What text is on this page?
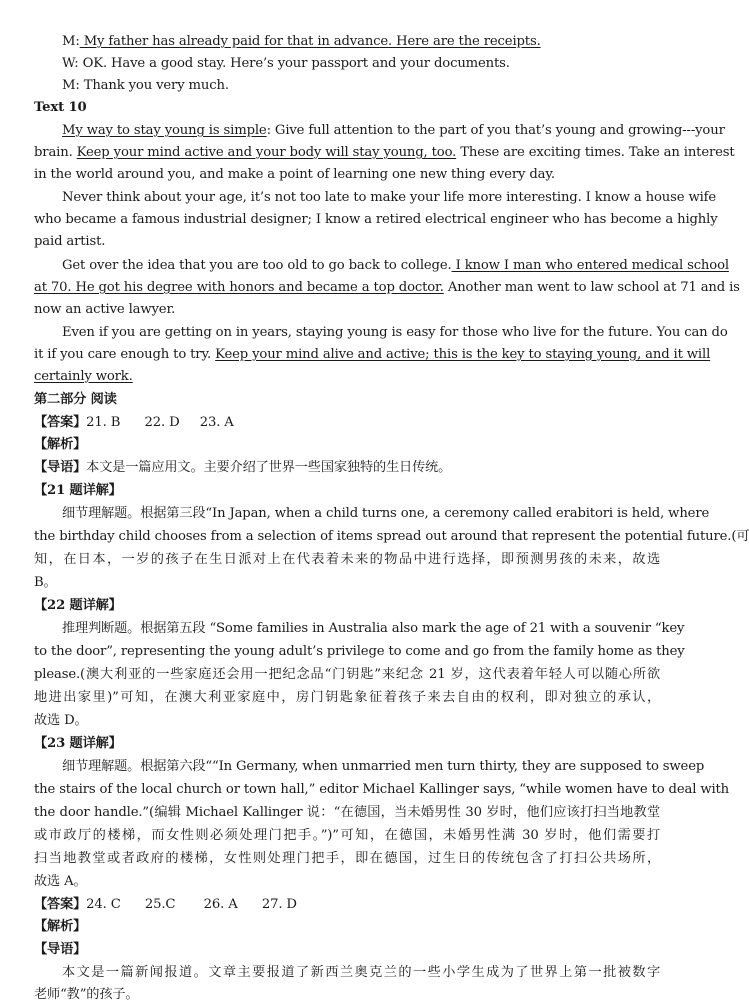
M: My father has already paid for that in advance. Here are the receipts.
W: OK. Have a good stay. Here’s your passport and your documents.
M: Thank you very much.
Text 10
My way to stay young is simple: Give full attention to the part of you that’s young and growing---your
brain. Keep your mind active and your body will stay young, too. These are exciting times. Take an interest
in the world around you, and make a point of learning one new thing every day.
Never think about your age, it’s not too late to make your life more interesting. I know a house wife
who became a famous industrial designer; I know a retired electrical engineer who has become a highly
paid artist.
Get over the idea that you are too old to go back to college. I know I man who entered medical school
at 70. He got his degree with honors and became a top doctor. Another man went to law school at 71 and is
now an active lawyer.
Even if you are getting on in years, staying young is easy for those who live for the future. You can do
it if you care enough to try. Keep your mind alive and active; this is the key to staying young, and it will
certainly work.
第二部分 阅读
【答案】21. B      22. D     23. A
【解析】
【导语】本文是一篇应用文。主要介绍了世界一些国家独特的生日传统。
【21 题详解】
细节理解题。根据第三段“In Japan, when a child turns one, a ceremony called erabitori is held, where
the birthday child chooses from a selection of items spread out around that represent the potential future.(可
知，在日本，一岁的孩子在生日派对上在代表着未来的物品中进行选择，即预测男孩的未来，故选
B。
【22 题详解】
推理判断题。根据第五段 “Some families in Australia also mark the age of 21 with a souvenir “key
to the door”, representing the young adult’s privilege to come and go from the family home as they
please.(澳大利亚的一些家庭还会用一把纪念品“门钥匙”来纪念 21 岁，这代表着年轻人可以随心所欲
地进出家里)”可知，在澳大利亚家庭中，房门钥匙象征着孩子来去自由的权利，即对独立的承认，
故选 D。
【23 题详解】
细节理解题。根据第六段““In Germany, when unmarried men turn thirty, they are supposed to sweep
the stairs of the local church or town hall,” editor Michael Kallinger says, “while women have to deal with
the door handle.”(编辑 Michael Kallinger 说：“在德国，当未婚男性 30 岁时，他们应该打扫当地教堂
或市政厅的楼梯，而女性则必须处理门把手。”)”可知，在德国，未婚男性满 30 岁时，他们需要打
扫当地教堂或者政府的楼梯，女性则处理门把手，即在德国，过生日的传统包含了打扫公共场所，
故选 A。
【答案】24. C      25.C       26. A      27. D
【解析】
【导语】
本文是一篇新闻报道。文章主要报道了新西兰奥克兰的一些小学生成为了世界上第一批被数字
老师“教”的孩子。
